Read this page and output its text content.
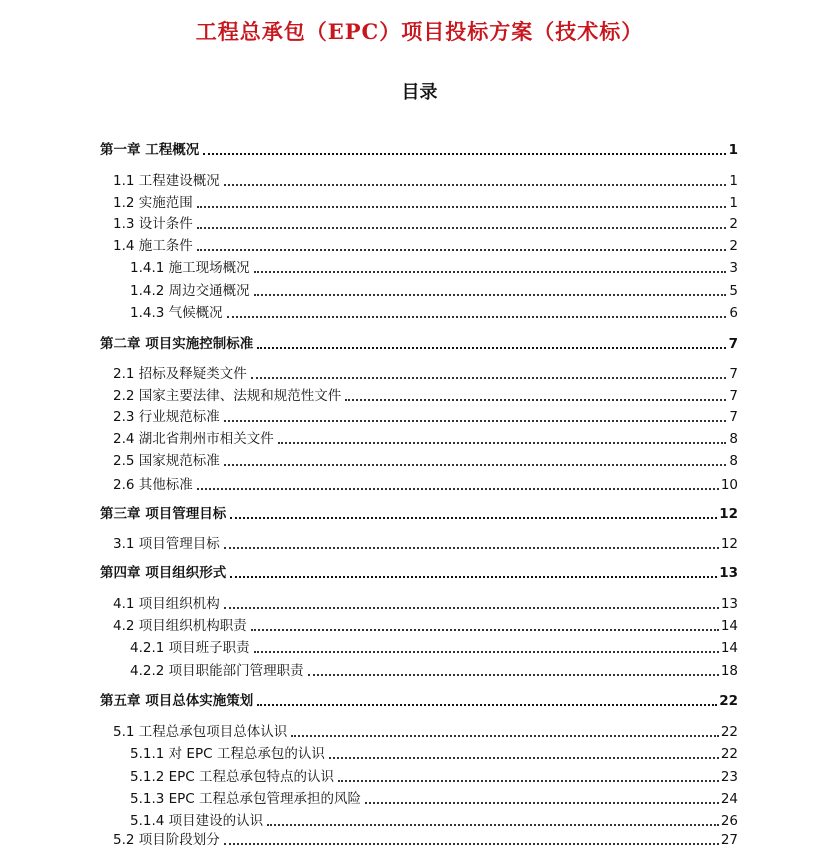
工程总承包（EPC）项目投标方案（技术标）
目录
第一章 工程概况	1
1.1 工程建设概况	1
1.2 实施范围	1
1.3 设计条件	2
1.4 施工条件	2
1.4.1 施工现场概况	3
1.4.2 周边交通概况	5
1.4.3 气候概况	6
第二章 项目实施控制标准	7
2.1 招标及释疑类文件	7
2.2 国家主要法律、法规和规范性文件	7
2.3 行业规范标准	7
2.4 湖北省荆州市相关文件	8
2.5 国家规范标准	8
2.6 其他标准	10
第三章 项目管理目标	12
3.1 项目管理目标	12
第四章 项目组织形式	13
4.1 项目组织机构	13
4.2 项目组织机构职责	14
4.2.1 项目班子职责	14
4.2.2 项目职能部门管理职责	18
第五章 项目总体实施策划	22
5.1 工程总承包项目总体认识	22
5.1.1 对 EPC 工程总承包的认识	22
5.1.2 EPC 工程总承包特点的认识	23
5.1.3 EPC 工程总承包管理承担的风险	24
5.1.4 项目建设的认识	26
5.2 项目阶段划分	27
